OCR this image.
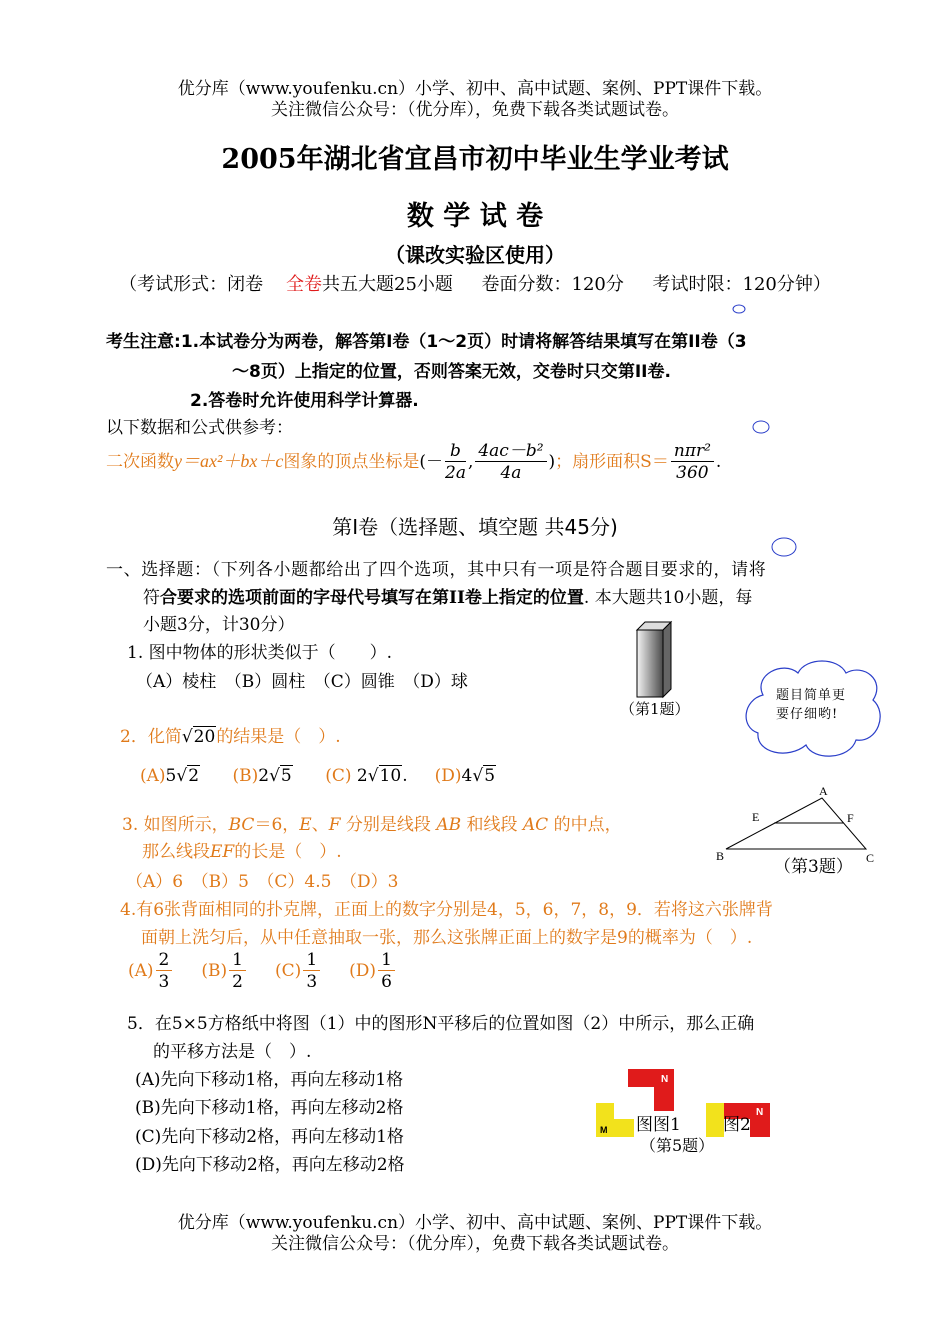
优分库（www.youfenku.cn）小学、初中、高中试题、案例、PPT课件下载。
关注微信公众号：（优分库），免费下载各类试题试卷。
2005年湖北省宜昌市初中毕业生学业考试
数 学 试 卷
（课改实验区使用）
（考试形式：闭卷 全卷共五大题25小题 卷面分数：120分 考试时限：120分钟）
考生注意:1.本试卷分为两卷，解答第Ⅰ卷（1～2页）时请将解答结果填写在第II卷（3
～8页）上指定的位置，否则答案无效，交卷时只交第II卷.
2.答卷时允许使用科学计算器.
以下数据和公式供参考：
二次函数y＝ax²＋bx＋c图象的顶点坐标是(－ $\frac{b}{2a}$ , $\frac{\text{4ac－b²}}{4a}$ )；扇形面积$S= \frac{\text{nπr²}}{360}$ .
第Ⅰ卷（选择题、填空题 共45分)
一、选择题：（下列各小题都给出了四个选项，其中只有一项是符合题目要求的，请将
符合要求的选项前面的字母代号填写在第II卷上指定的位置. 本大题共10小题，每
小题3分，计30分）
1. 图中物体的形状类似于（　　）.
（A）棱柱　（B）圆柱　（C）圆锥　（D）球
（第1题）
题目简单更要仔细哟!
2．化简√20的结果是（　）.
(A)5√2 (B)2√5 (C) 2√10. (D)4√5
3. 如图所示，BC＝6，E、F 分别是线段 AB 和线段 AC 的中点，
那么线段EF的长是（　）.
（A）6　（B）5　（C）4.5　（D）3
A
B	C
E	F
（第3题）
4.有6张背面相同的扑克牌，正面上的数字分别是4，5，6，7，8，9．若将这六张牌背
面朝上洗匀后，从中任意抽取一张，那么这张牌正面上的数字是9的概率为（　）.
$(A) \frac{2}{3} (B) \frac{1}{2} (C) \frac{1}{3} (D) \frac{1}{6}$
5．在5×5方格纸中将图（1）中的图形N平移后的位置如图（2）中所示，那么正确
的平移方法是（　）.
(A)先向下移动1格，再向左移动1格
(B)先向下移动1格，再向左移动2格
(C)先向下移动2格，再向左移动1格
(D)先向下移动2格，再向左移动2格
N
M
N
图图1 图2
（第5题）
优分库（www.youfenku.cn）小学、初中、高中试题、案例、PPT课件下载。
关注微信公众号：（优分库），免费下载各类试题试卷。
